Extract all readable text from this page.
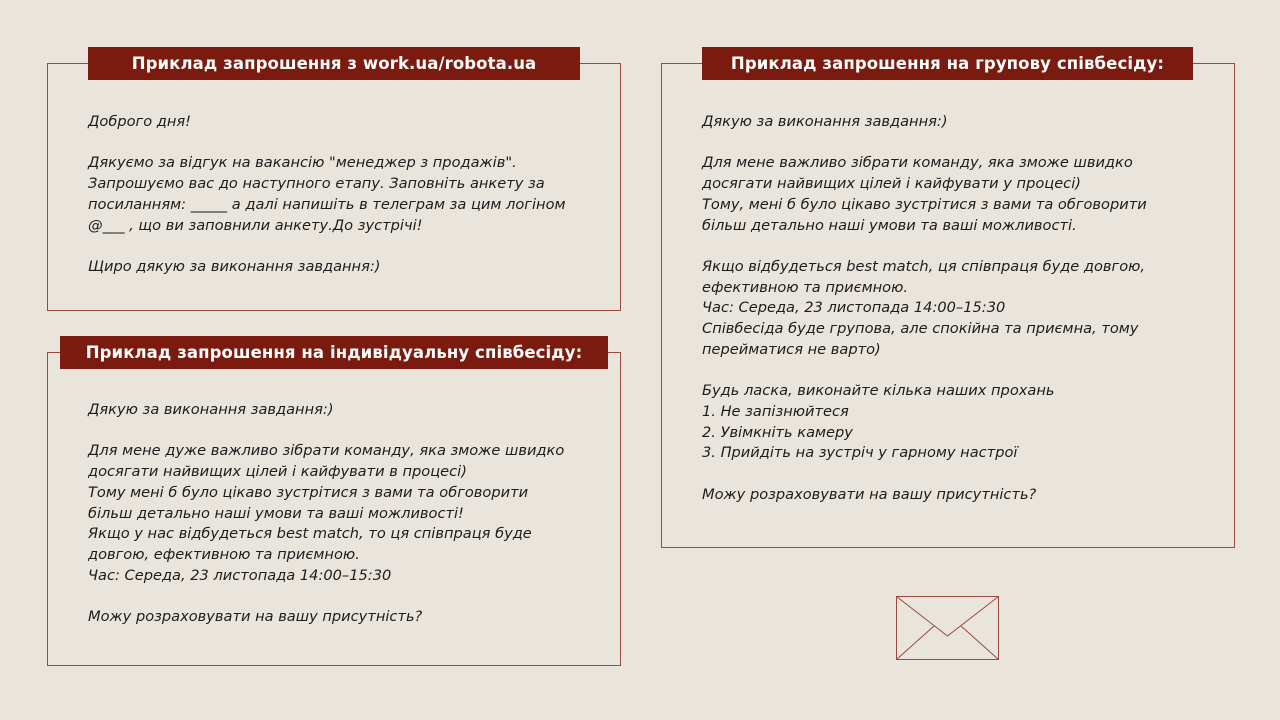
Приклад запрошення з work.ua/robota.ua
Доброго дня!
Дякуємо за відгук на вакансію "менеджер з продажів".
Запрошуємо вас до наступного етапу. Заповніть анкету за
посиланням: _____ а далі напишіть в телеграм за цим логіном
@___ , що ви заповнили анкету.До зустрічі!
Щиро дякую за виконання завдання:)
Приклад запрошення на індивідуальну співбесіду:
Дякую за виконання завдання:)
Для мене дуже важливо зібрати команду, яка зможе швидко
досягати найвищих цілей і кайфувати в процесі)
Тому мені б було цікаво зустрітися з вами та обговорити
більш детально наші умови та ваші можливості!
Якщо у нас відбудеться best match, то ця співпраця буде
довгою, ефективною та приємною.
Час: Середа, 23 листопада 14:00–15:30
Можу розраховувати на вашу присутність?
Приклад запрошення на групову співбесіду:
Дякую за виконання завдання:)
Для мене важливо зібрати команду, яка зможе швидко
досягати найвищих цілей і кайфувати у процесі)
Тому, мені б було цікаво зустрітися з вами та обговорити
більш детально наші умови та ваші можливості.
Якщо відбудеться best match, ця співпраця буде довгою,
ефективною та приємною.
Час: Середа, 23 листопада 14:00–15:30
Співбесіда буде групова, але спокійна та приємна, тому
перейматися не варто)
Будь ласка, виконайте кілька наших прохань
1. Не запізнюйтеся
2. Увімкніть камеру
3. Прийдіть на зустріч у гарному настрої
Можу розраховувати на вашу присутність?
